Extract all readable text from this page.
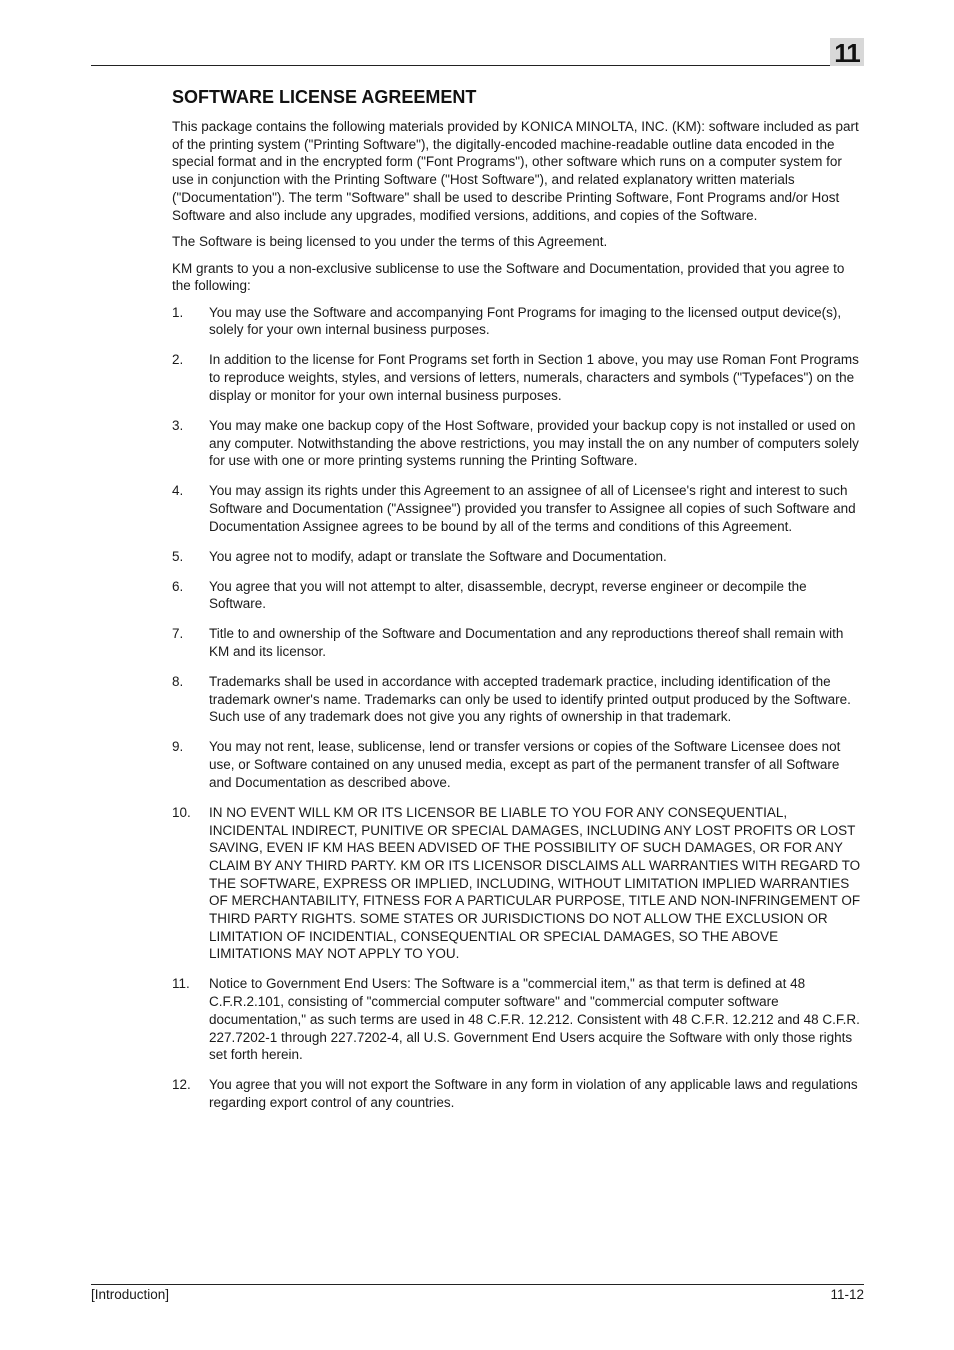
11
SOFTWARE LICENSE AGREEMENT

This package contains the following materials provided by KONICA MINOLTA, INC. (KM): software included as part of the printing system ("Printing Software"), the digitally-encoded machine-readable outline data encoded in the special format and in the encrypted form ("Font Programs"), other software which runs on a computer system for use in conjunction with the Printing Software ("Host Software"), and related explanatory written materials ("Documentation"). The term "Software" shall be used to describe Printing Software, Font Programs and/or Host Software and also include any upgrades, modified versions, additions, and copies of the Software.

The Software is being licensed to you under the terms of this Agreement.

KM grants to you a non-exclusive sublicense to use the Software and Documentation, provided that you agree to the following:

1. You may use the Software and accompanying Font Programs for imaging to the licensed output device(s), solely for your own internal business purposes.
2. In addition to the license for Font Programs set forth in Section 1 above, you may use Roman Font Programs to reproduce weights, styles, and versions of letters, numerals, characters and symbols ("Typefaces") on the display or monitor for your own internal business purposes.
3. You may make one backup copy of the Host Software, provided your backup copy is not installed or used on any computer. Notwithstanding the above restrictions, you may install the on any number of computers solely for use with one or more printing systems running the Printing Software.
4. You may assign its rights under this Agreement to an assignee of all of Licensee's right and interest to such Software and Documentation ("Assignee") provided you transfer to Assignee all copies of such Software and Documentation Assignee agrees to be bound by all of the terms and conditions of this Agreement.
5. You agree not to modify, adapt or translate the Software and Documentation.
6. You agree that you will not attempt to alter, disassemble, decrypt, reverse engineer or decompile the Software.
7. Title to and ownership of the Software and Documentation and any reproductions thereof shall remain with KM and its licensor.
8. Trademarks shall be used in accordance with accepted trademark practice, including identification of the trademark owner's name. Trademarks can only be used to identify printed output produced by the Software. Such use of any trademark does not give you any rights of ownership in that trademark.
9. You may not rent, lease, sublicense, lend or transfer versions or copies of the Software Licensee does not use, or Software contained on any unused media, except as part of the permanent transfer of all Software and Documentation as described above.
10. IN NO EVENT WILL KM OR ITS LICENSOR BE LIABLE TO YOU FOR ANY CONSEQUENTIAL, INCIDENTAL INDIRECT, PUNITIVE OR SPECIAL DAMAGES, INCLUDING ANY LOST PROFITS OR LOST SAVING, EVEN IF KM HAS BEEN ADVISED OF THE POSSIBILITY OF SUCH DAMAGES, OR FOR ANY CLAIM BY ANY THIRD PARTY. KM OR ITS LICENSOR DISCLAIMS ALL WARRANTIES WITH REGARD TO THE SOFTWARE, EXPRESS OR IMPLIED, INCLUDING, WITHOUT LIMITATION IMPLIED WARRANTIES OF MERCHANTABILITY, FITNESS FOR A PARTICULAR PURPOSE, TITLE AND NON-INFRINGEMENT OF THIRD PARTY RIGHTS. SOME STATES OR JURISDICTIONS DO NOT ALLOW THE EXCLUSION OR LIMITATION OF INCIDENTIAL, CONSEQUENTIAL OR SPECIAL DAMAGES, SO THE ABOVE LIMITATIONS MAY NOT APPLY TO YOU.
11. Notice to Government End Users: The Software is a "commercial item," as that term is defined at 48 C.F.R.2.101, consisting of "commercial computer software" and "commercial computer software documentation," as such terms are used in 48 C.F.R. 12.212. Consistent with 48 C.F.R. 12.212 and 48 C.F.R. 227.7202-1 through 227.7202-4, all U.S. Government End Users acquire the Software with only those rights set forth herein.
12. You agree that you will not export the Software in any form in violation of any applicable laws and regulations regarding export control of any countries.
[Introduction]	11-12
